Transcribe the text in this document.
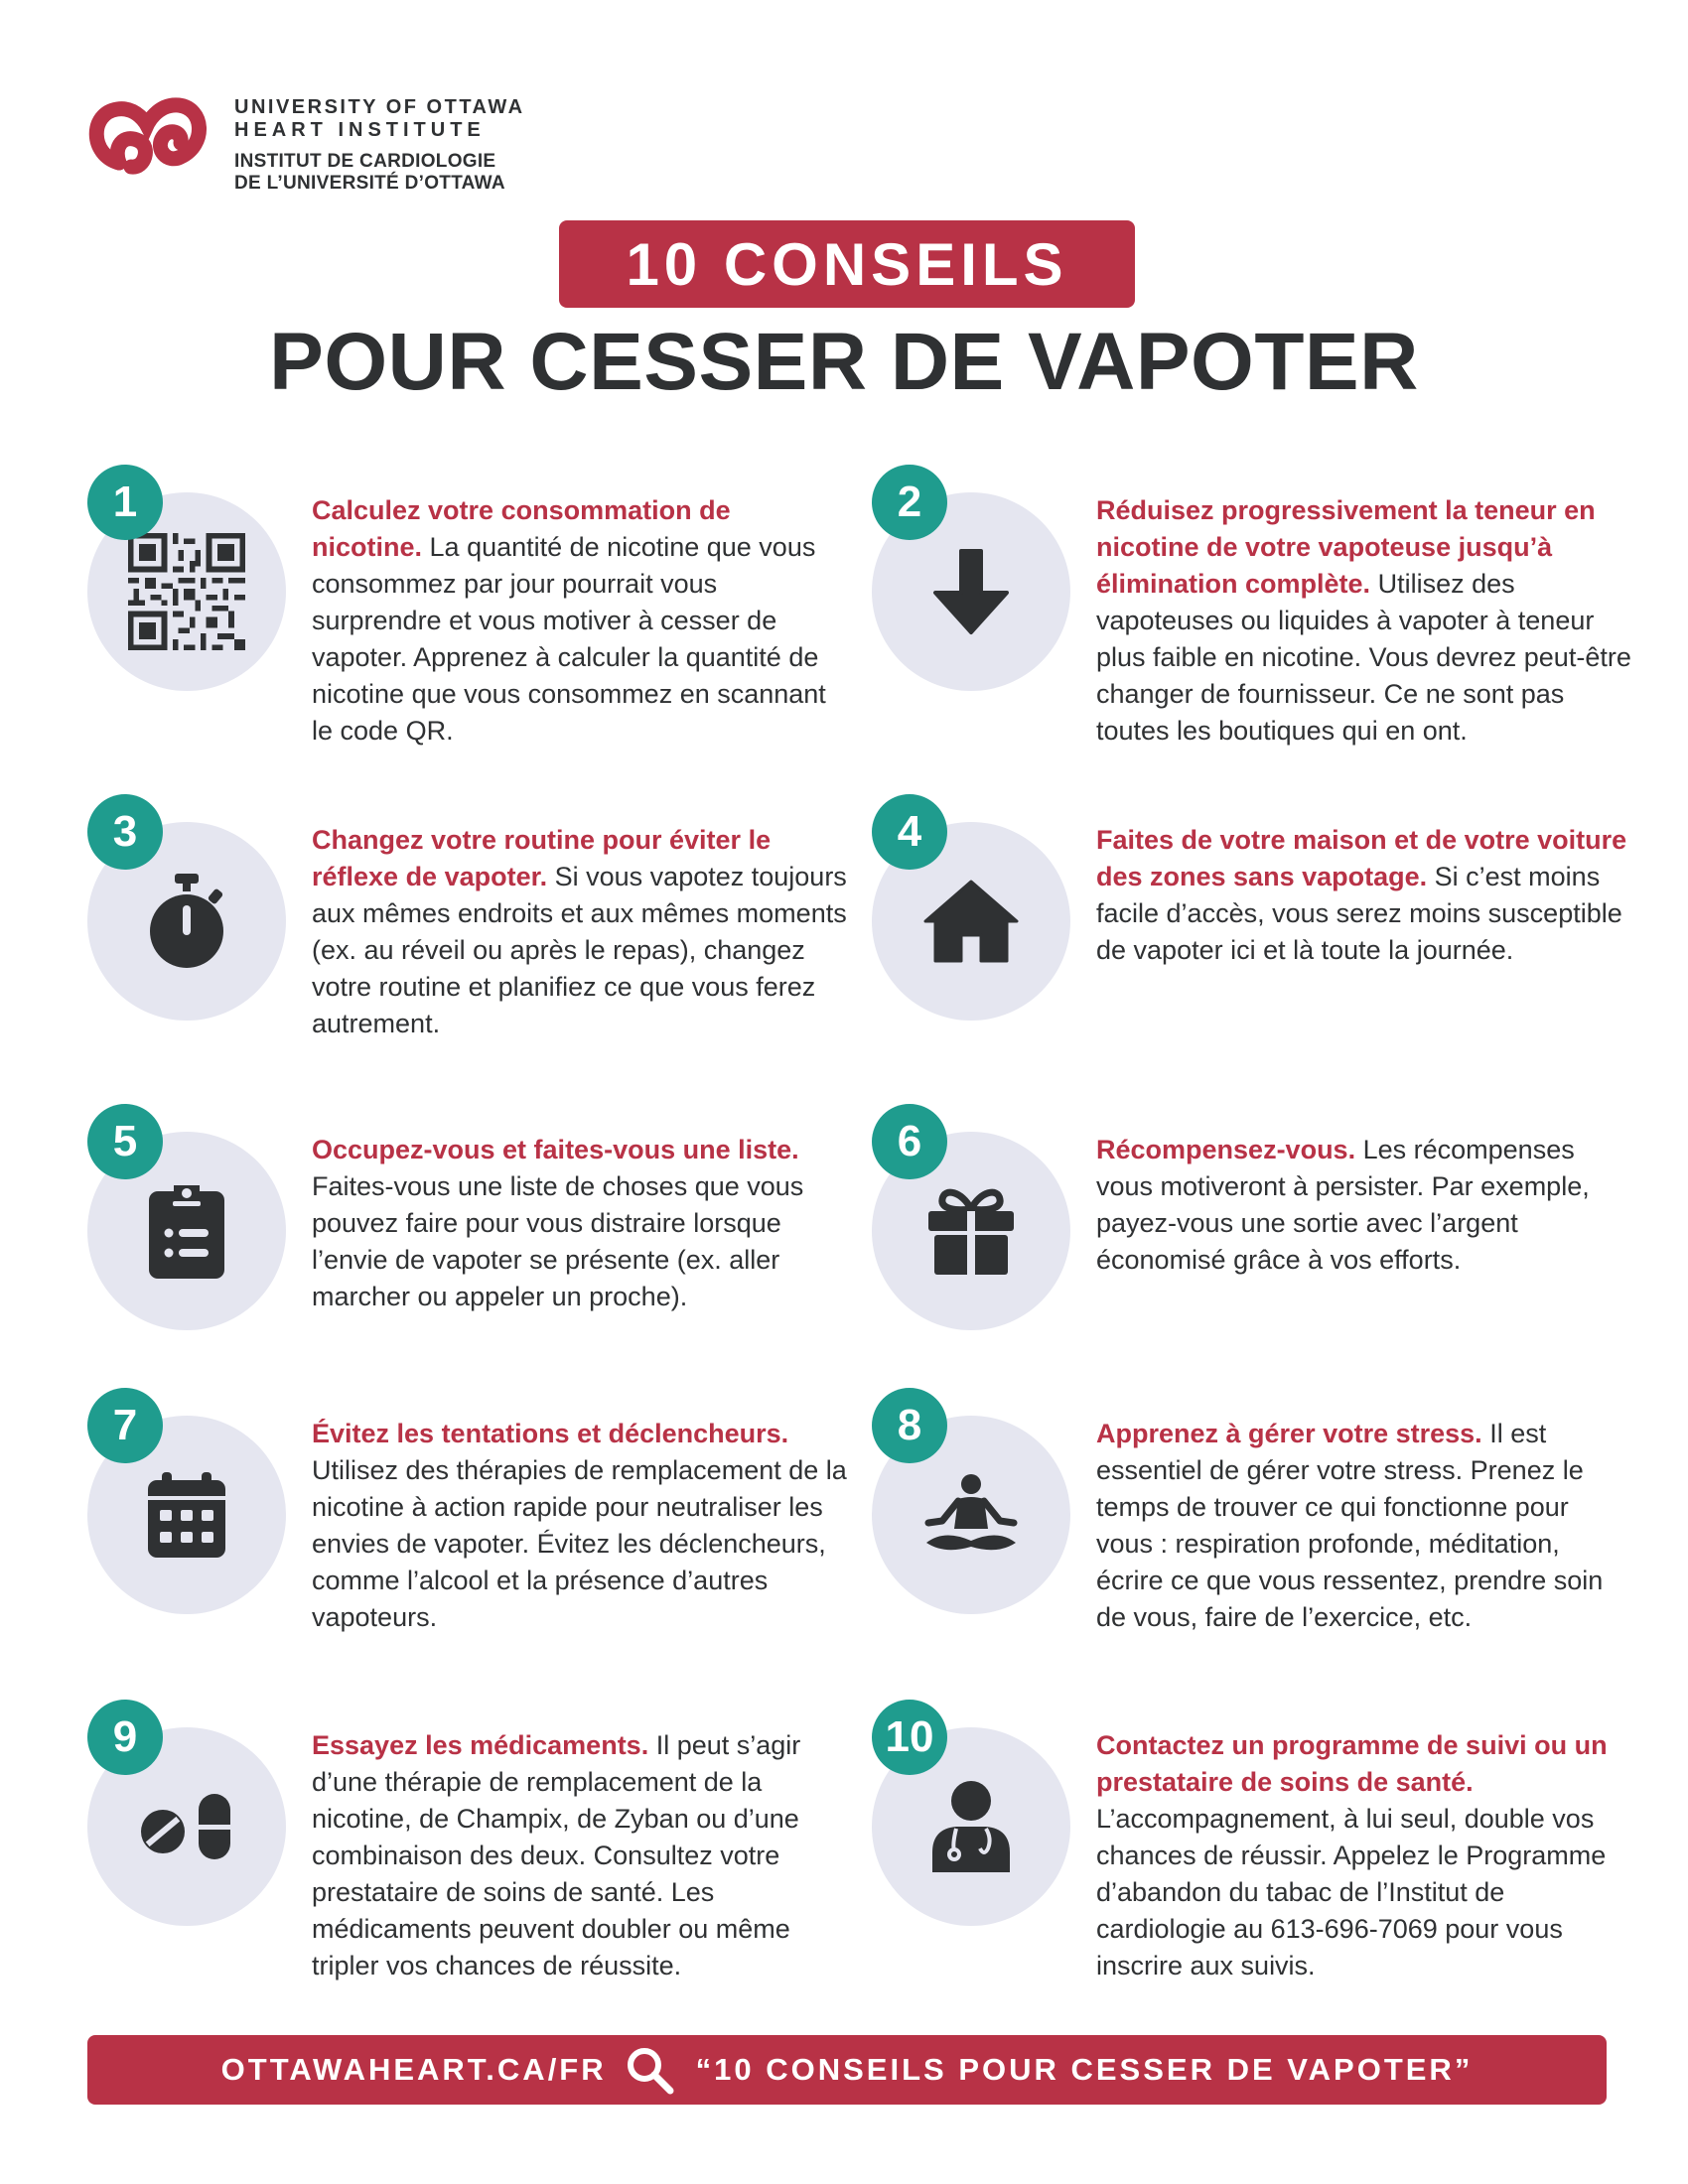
UNIVERSITY OF OTTAWA
HEART INSTITUTE
INSTITUT DE CARDIOLOGIE
DE L’UNIVERSITÉ D’OTTAWA
10 CONSEILS
POUR CESSER DE VAPOTER
1	Calculez votre consommation de nicotine. La quantité de nicotine que vous consommez par jour pourrait vous surprendre et vous motiver à cesser de vapoter. Apprenez à calculer la quantité de nicotine que vous consommez en scannant le code QR.
2	Réduisez progressivement la teneur en nicotine de votre vapoteuse jusqu’à élimination complète. Utilisez des vapoteuses ou liquides à vapoter à teneur plus faible en nicotine. Vous devrez peut-être changer de fournisseur. Ce ne sont pas toutes les boutiques qui en ont.
3	Changez votre routine pour éviter le réflexe de vapoter. Si vous vapotez toujours aux mêmes endroits et aux mêmes moments (ex. au réveil ou après le repas), changez votre routine et planifiez ce que vous ferez autrement.
4	Faites de votre maison et de votre voiture des zones sans vapotage. Si c’est moins facile d’accès, vous serez moins susceptible de vapoter ici et là toute la journée.
5	Occupez-vous et faites-vous une liste. Faites-vous une liste de choses que vous pouvez faire pour vous distraire lorsque l’envie de vapoter se présente (ex. aller marcher ou appeler un proche).
6	Récompensez-vous. Les récompenses vous motiveront à persister. Par exemple, payez-vous une sortie avec l’argent économisé grâce à vos efforts.
7	Évitez les tentations et déclencheurs. Utilisez des thérapies de remplacement de la nicotine à action rapide pour neutraliser les envies de vapoter. Évitez les déclencheurs, comme l’alcool et la présence d’autres vapoteurs.
8	Apprenez à gérer votre stress. Il est essentiel de gérer votre stress. Prenez le temps de trouver ce qui fonctionne pour vous : respiration profonde, méditation, écrire ce que vous ressentez, prendre soin de vous, faire de l’exercice, etc.
9	Essayez les médicaments. Il peut s’agir d’une thérapie de remplacement de la nicotine, de Champix, de Zyban ou d’une combinaison des deux. Consultez votre prestataire de soins de santé. Les médicaments peuvent doubler ou même tripler vos chances de réussite.
10	Contactez un programme de suivi ou un prestataire de soins de santé. L’accompagnement, à lui seul, double vos chances de réussir. Appelez le Programme d’abandon du tabac de l’Institut de cardiologie au 613-696-7069 pour vous inscrire aux suivis.
OTTAWAHEART.CA/FR	“10 CONSEILS POUR CESSER DE VAPOTER”
